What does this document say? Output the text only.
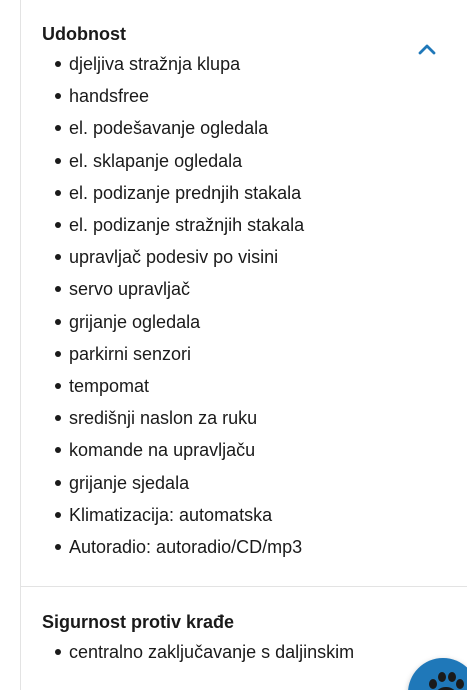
Udobnost
djeljiva stražnja klupa
handsfree
el. podešavanje ogledala
el. sklapanje ogledala
el. podizanje prednjih stakala
el. podizanje stražnjih stakala
upravljač podesiv po visini
servo upravljač
grijanje ogledala
parkirni senzori
tempomat
središnji naslon za ruku
komande na upravljaču
grijanje sjedala
Klimatizacija: automatska
Autoradio: autoradio/CD/mp3
Sigurnost protiv krađe
centralno zaključavanje s daljinskim
